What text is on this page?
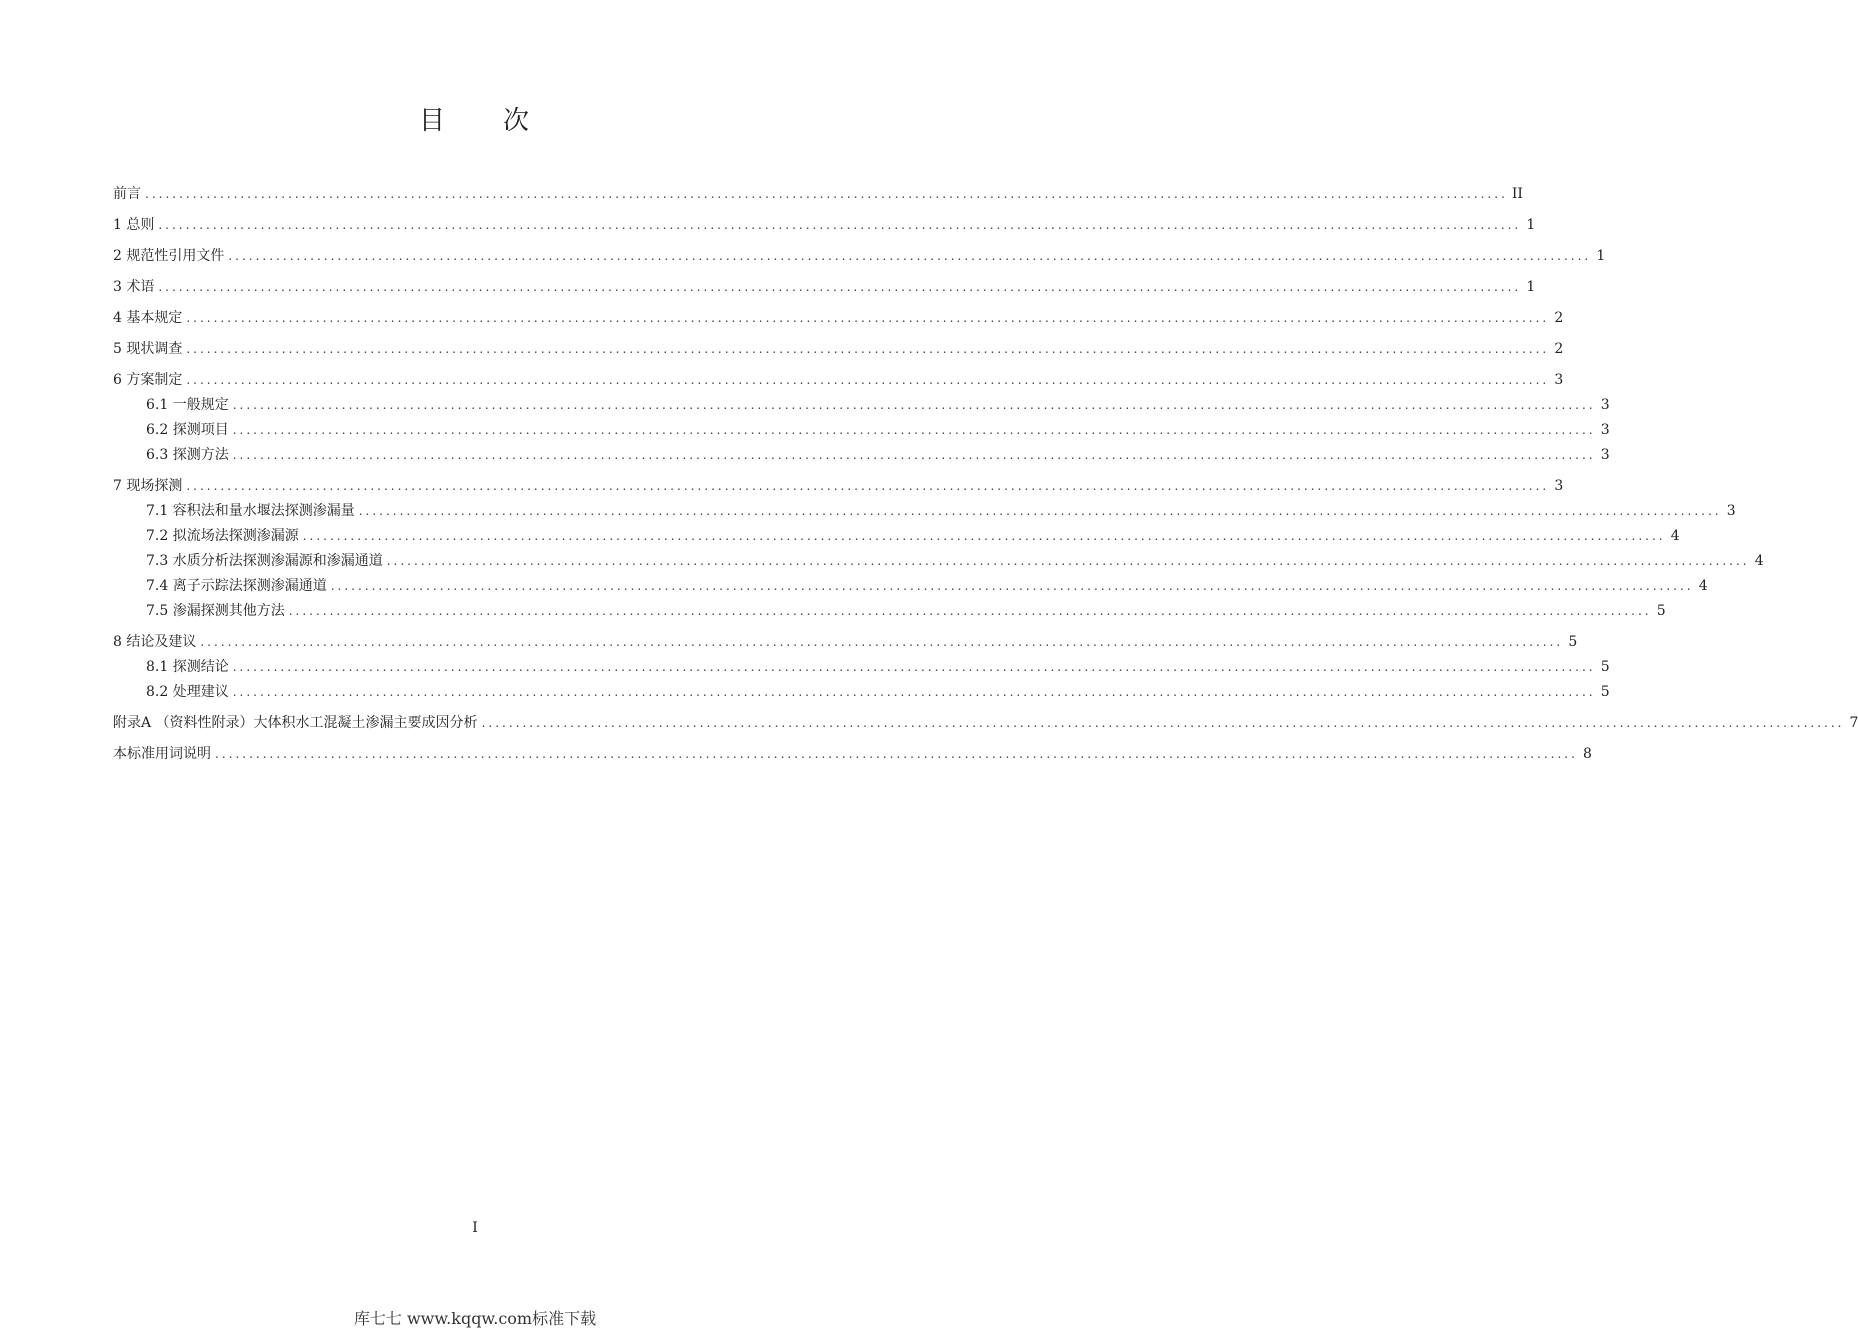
目　　次
前言 ........................................................................................................................................................................................................ II
1 总则 ........................................................................................................................................................................................................ 1
2 规范性引用文件 ........................................................................................................................................................................................................ 1
3 术语 ........................................................................................................................................................................................................ 1
4 基本规定 ........................................................................................................................................................................................................ 2
5 现状调查 ........................................................................................................................................................................................................ 2
6 方案制定 ........................................................................................................................................................................................................ 3
6.1 一般规定 ........................................................................................................................................................................................................ 3
6.2 探测项目 ........................................................................................................................................................................................................ 3
6.3 探测方法 ........................................................................................................................................................................................................ 3
7 现场探测 ........................................................................................................................................................................................................ 3
7.1 容积法和量水堰法探测渗漏量 ........................................................................................................................................................................................................ 3
7.2 拟流场法探测渗漏源 ........................................................................................................................................................................................................ 4
7.3 水质分析法探测渗漏源和渗漏通道 ........................................................................................................................................................................................................ 4
7.4 离子示踪法探测渗漏通道 ........................................................................................................................................................................................................ 4
7.5 渗漏探测其他方法 ........................................................................................................................................................................................................ 5
8 结论及建议 ........................................................................................................................................................................................................ 5
8.1 探测结论 ........................................................................................................................................................................................................ 5
8.2 处理建议 ........................................................................................................................................................................................................ 5
附录A （资料性附录）大体积水工混凝土渗漏主要成因分析 ........................................................................................................................................................................................................ 7
本标准用词说明 ........................................................................................................................................................................................................ 8
I
库七七 www.kqqw.com标准下载
